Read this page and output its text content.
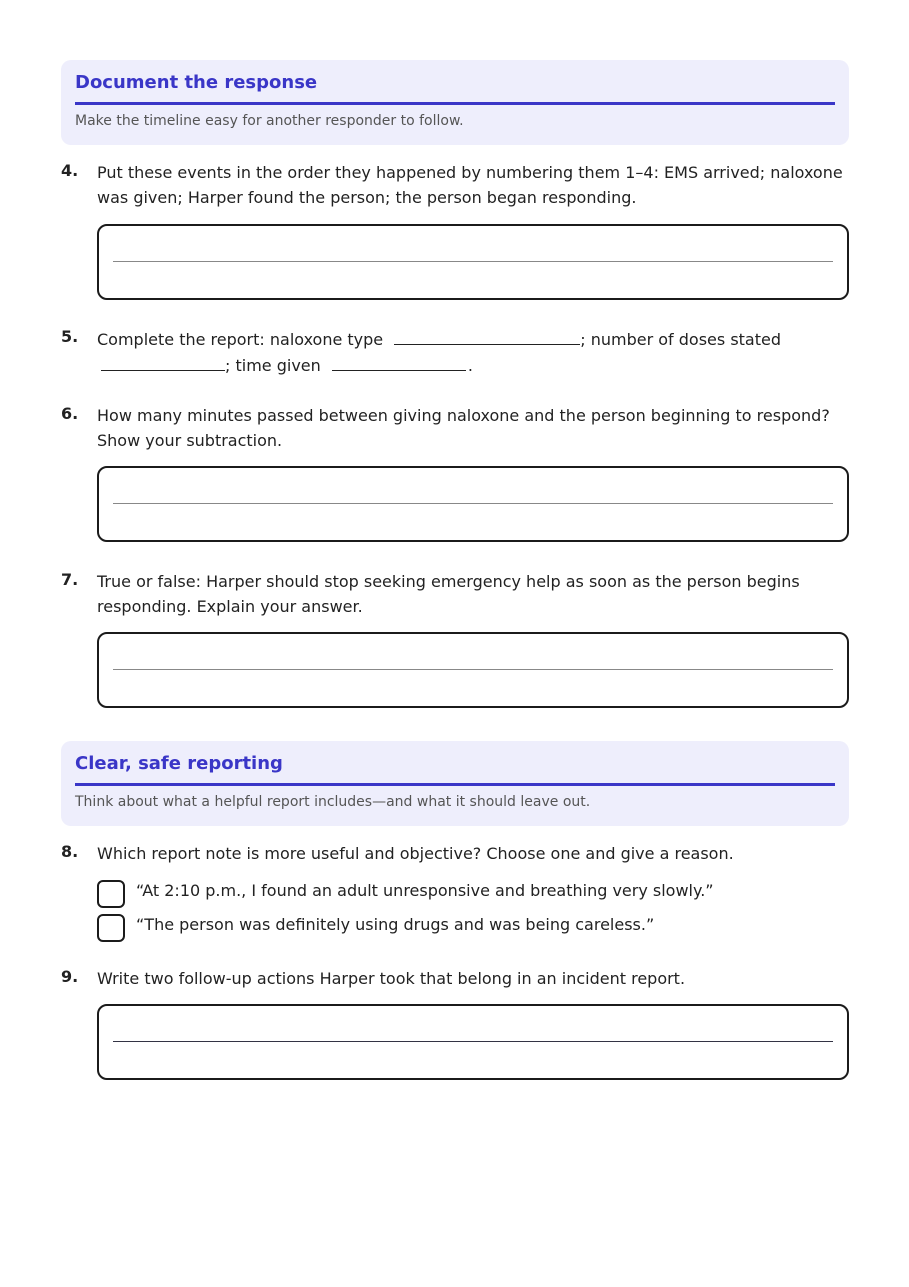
Document the response
Make the timeline easy for another responder to follow.
4. Put these events in the order they happened by numbering them 1–4: EMS arrived; naloxone was given; Harper found the person; the person began responding.
5. Complete the report: naloxone type	; number of doses stated
; time given	.
6. How many minutes passed between giving naloxone and the person beginning to respond? Show your subtraction.
7. True or false: Harper should stop seeking emergency help as soon as the person begins responding. Explain your answer.
Clear, safe reporting
Think about what a helpful report includes—and what it should leave out.
8. Which report note is more useful and objective? Choose one and give a reason.
“At 2:10 p.m., I found an adult unresponsive and breathing very slowly.”
“The person was definitely using drugs and was being careless.”
9. Write two follow-up actions Harper took that belong in an incident report.
